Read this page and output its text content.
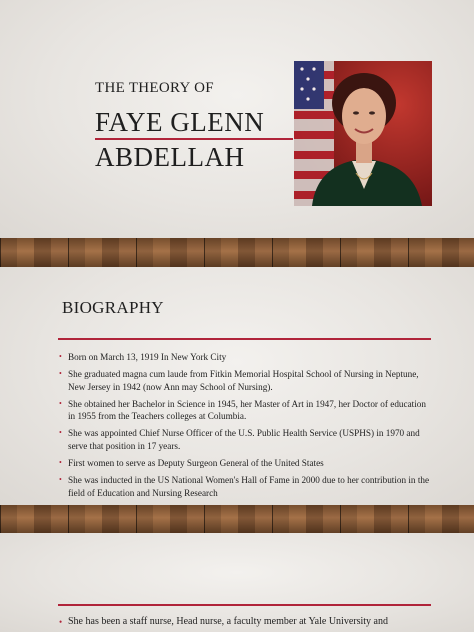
THE THEORY OF
FAYE GLENN
ABDELLAH
BIOGRAPHY
• Born on March 13, 1919 In New York City
• She graduated magna cum laude from Fitkin Memorial Hospital School of Nursing in Neptune, New Jersey in 1942 (now Ann may School of Nursing).
• She obtained her Bachelor in Science in 1945, her Master of Art in 1947, her Doctor of education in 1955 from the Teachers colleges at Columbia.
• She was appointed Chief Nurse Officer of the U.S. Public Health Service (USPHS) in 1970 and serve that position in 17 years.
• First women to serve as Deputy Surgeon General of the United States
• She was inducted in the US National Women's Hall of Fame in 2000 due to her contribution in the field of Education and Nursing Research
• She has been a staff nurse, Head nurse, a faculty member at Yale University and
